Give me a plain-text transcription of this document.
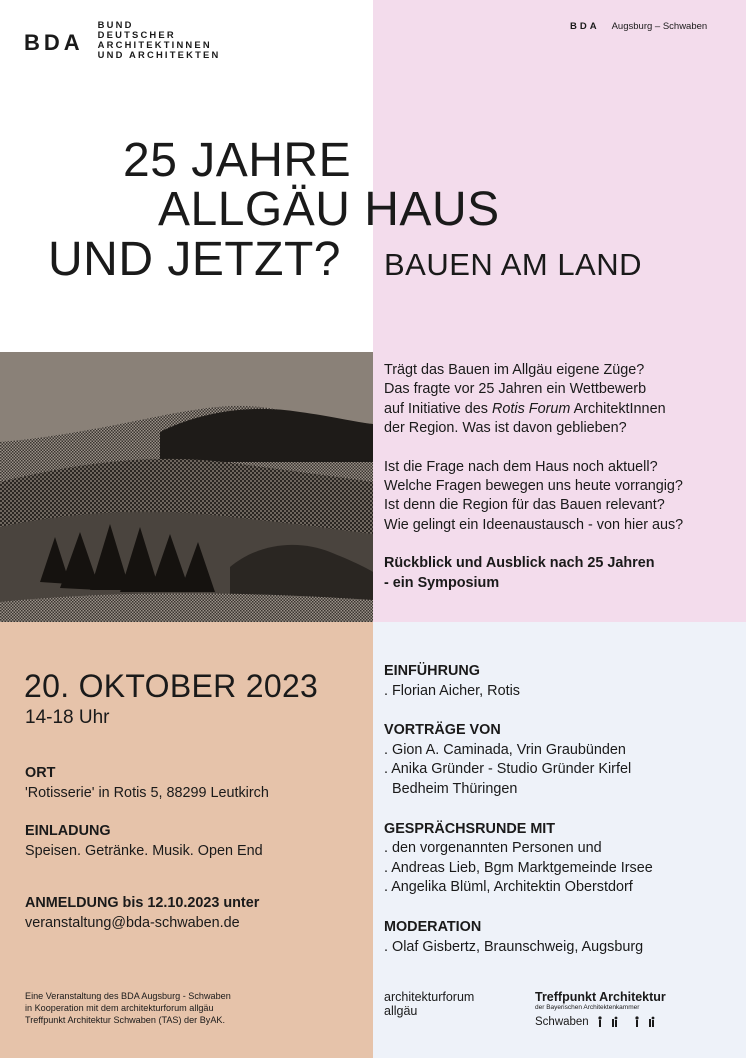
BDA
BUND
DEUTSCHER
ARCHITEKTINNEN
UND ARCHITEKTEN
BDA Augsburg – Schwaben
25 JAHRE
ALLGÄU HAUS
UND JETZT? BAUEN AM LAND

Trägt das Bauen im Allgäu eigene Züge?

Das fragte vor 25 Jahren ein Wettbewerb

auf Initiative des Rotis Forum ArchitektInnen

der Region. Was ist davon geblieben?

Ist die Frage nach dem Haus noch aktuell?

Welche Fragen bewegen uns heute vorrangig?

Ist denn die Region für das Bauen relevant?

Wie gelingt ein Ideenaustausch - von hier aus?

Rückblick und Ausblick nach 25 Jahren

- ein Symposium

20. OKTOBER 2023
14-18 Uhr
ORT
'Rotisserie' in Rotis 5, 88299 Leutkirch
EINLADUNG
Speisen. Getränke. Musik. Open End
ANMELDUNG bis 12.10.2023 unter
veranstaltung@bda-schwaben.de
Eine Veranstaltung des BDA Augsburg - Schwaben
in Kooperation mit dem architekturforum allgäu
Treffpunkt Architektur Schwaben (TAS) der ByAK.
EINFÜHRUNG
. Florian Aicher, Rotis
VORTRÄGE VON
. Gion A. Caminada, Vrin Graubünden
. Anika Gründer - Studio Gründer Kirfel
Bedheim Thüringen
GESPRÄCHSRUNDE MIT
. den vorgenannten Personen und
. Andreas Lieb, Bgm Marktgemeinde Irsee
. Angelika Blüml, Architektin Oberstdorf
MODERATION
. Olaf Gisbertz, Braunschweig, Augsburg
architekturforum
allgäu
Treffpunkt Architektur
der Bayerischen Architektenkammer
Schwaben
